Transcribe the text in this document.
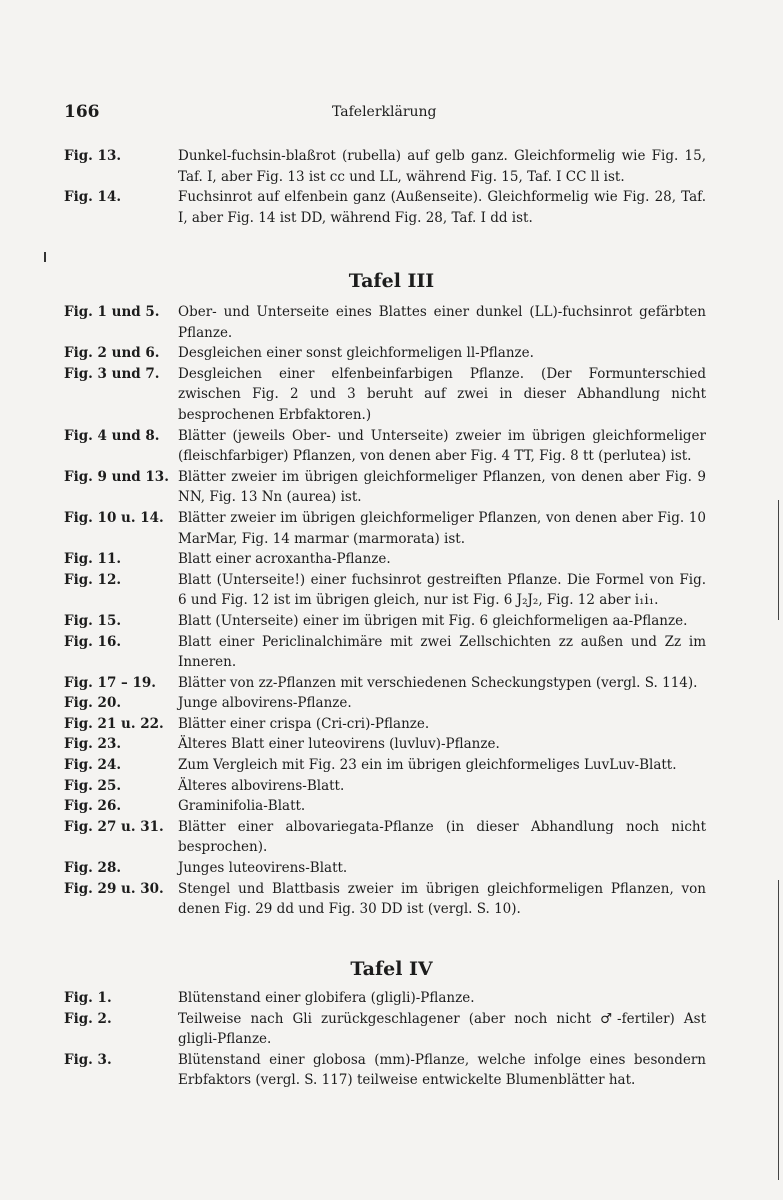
166	Tafelerklärung
Fig. 13.	Dunkel-fuchsin-blaßrot (rubella) auf gelb ganz. Gleichformelig wie Fig. 15, Taf. I, aber Fig. 13 ist cc und LL, während Fig. 15, Taf. I CC ll ist.
Fig. 14.	Fuchsinrot auf elfenbein ganz (Außenseite). Gleichformelig wie Fig. 28, Taf. I, aber Fig. 14 ist DD, während Fig. 28, Taf. I dd ist.
Tafel III
Fig. 1 und 5.	Ober- und Unterseite eines Blattes einer dunkel (LL)-fuchsinrot gefärbten Pflanze.
Fig. 2 und 6.	Desgleichen einer sonst gleichformeligen ll-Pflanze.
Fig. 3 und 7.	Desgleichen einer elfenbeinfarbigen Pflanze. (Der Formunterschied zwischen Fig. 2 und 3 beruht auf zwei in dieser Abhandlung nicht besprochenen Erbfaktoren.)
Fig. 4 und 8.	Blätter (jeweils Ober- und Unterseite) zweier im übrigen gleichformeliger (fleischfarbiger) Pflanzen, von denen aber Fig. 4 TT, Fig. 8 tt (perlutea) ist.
Fig. 9 und 13. Blätter zweier im übrigen gleichformeliger Pflanzen, von denen aber Fig. 9 NN, Fig. 13 Nn (aurea) ist.
Fig. 10 u. 14.	Blätter zweier im übrigen gleichformeliger Pflanzen, von denen aber Fig. 10 MarMar, Fig. 14 marmar (marmorata) ist.
Fig. 11.	Blatt einer acroxantha-Pflanze.
Fig. 12.	Blatt (Unterseite!) einer fuchsinrot gestreiften Pflanze. Die Formel von Fig. 6 und Fig. 12 ist im übrigen gleich, nur ist Fig. 6 J₂J₂, Fig. 12 aber i₁i₁.
Fig. 15.	Blatt (Unterseite) einer im übrigen mit Fig. 6 gleichformeligen aa-Pflanze.
Fig. 16.	Blatt einer Periclinalchimäre mit zwei Zellschichten zz außen und Zz im Inneren.
Fig. 17 – 19.	Blätter von zz-Pflanzen mit verschiedenen Scheckungstypen (vergl. S. 114).
Fig. 20.	Junge albovirens-Pflanze.
Fig. 21 u. 22.	Blätter einer crispa (Cri-cri)-Pflanze.
Fig. 23.	Älteres Blatt einer luteovirens (luvluv)-Pflanze.
Fig. 24.	Zum Vergleich mit Fig. 23 ein im übrigen gleichformeliges LuvLuv-Blatt.
Fig. 25.	Älteres albovirens-Blatt.
Fig. 26.	Graminifolia-Blatt.
Fig. 27 u. 31.	Blätter einer albovariegata-Pflanze (in dieser Abhandlung noch nicht besprochen).
Fig. 28.	Junges luteovirens-Blatt.
Fig. 29 u. 30.	Stengel und Blattbasis zweier im übrigen gleichformeligen Pflanzen, von denen Fig. 29 dd und Fig. 30 DD ist (vergl. S. 10).
Tafel IV
Fig. 1.	Blütenstand einer globifera (gligli)-Pflanze.
Fig. 2.	Teilweise nach Gli zurückgeschlagener (aber noch nicht ♂-fertiler) Ast gligli-Pflanze.
Fig. 3.	Blütenstand einer globosa (mm)-Pflanze, welche infolge eines besondern Erbfaktors (vergl. S. 117) teilweise entwickelte Blumenblätter hat.
